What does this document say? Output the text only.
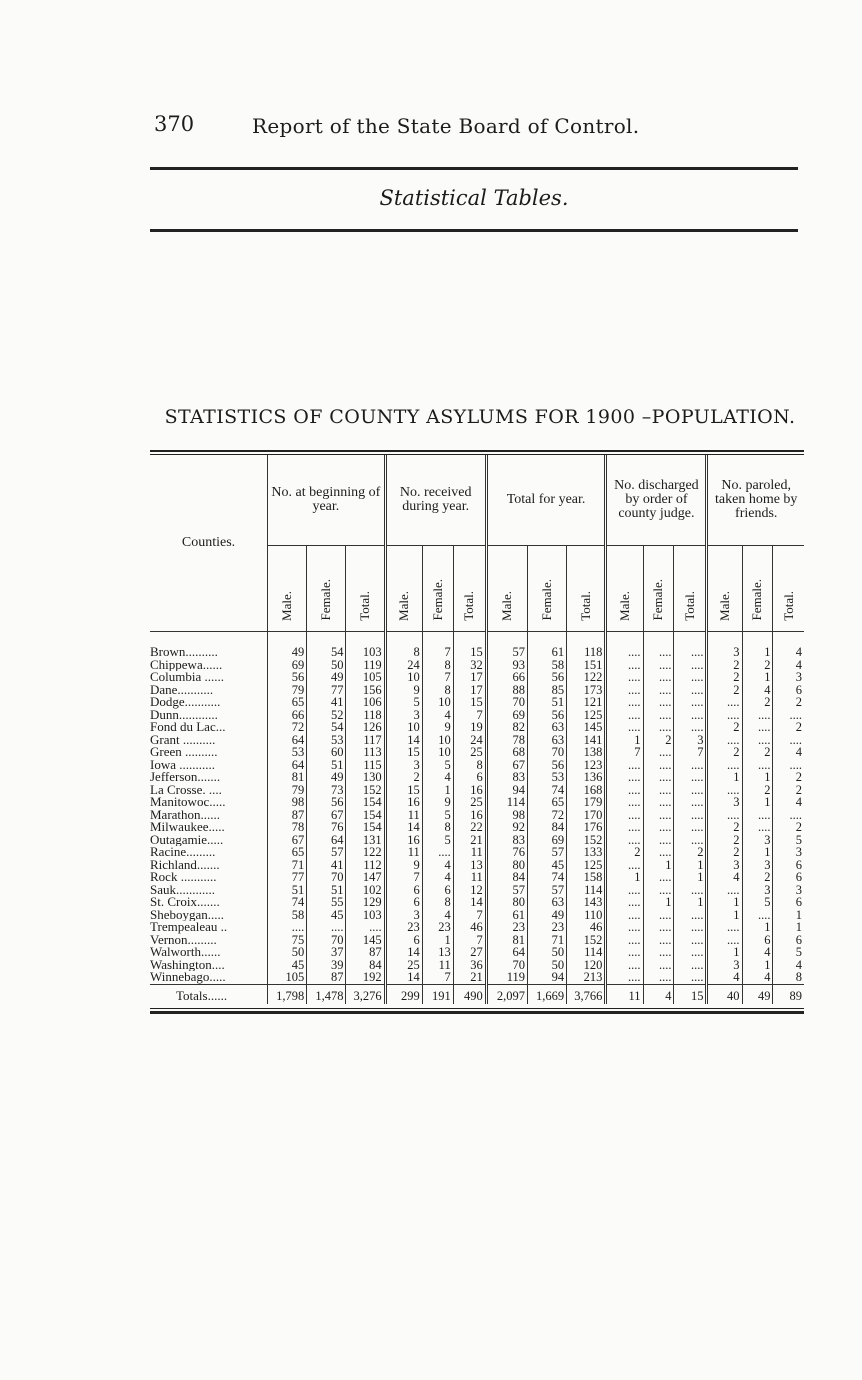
370	Report of the State Board of Control.
Statistical Tables.
STATISTICS OF COUNTY ASYLUMS FOR 1900 –POPULATION.
Counties.	No. at beginning of year.			No. received during year.			Total for year.			No. discharged by order of county judge.			No. paroled, taken home by friends.		
	Male.	Female.	Total.	Male.	Female.	Total.	Male.	Female.	Total.	Male.	Female.	Total.	Male.	Female.	Total.

Brown..........	49	54	103	8	7	15	57	61	118	....	....	....	3	1	4
Chippewa......	69	50	119	24	8	32	93	58	151	....	....	....	2	2	4
Columbia ......	56	49	105	10	7	17	66	56	122	....	....	....	2	1	3
Dane...........	79	77	156	9	8	17	88	85	173	....	....	....	2	4	6
Dodge...........	65	41	106	5	10	15	70	51	121	....	....	....	....	2	2
Dunn............	66	52	118	3	4	7	69	56	125	....	....	....	....	....	....
Fond du Lac...	72	54	126	10	9	19	82	63	145	....	....	....	2	....	2
Grant ..........	64	53	117	14	10	24	78	63	141	1	2	3	....	....	....
Green ..........	53	60	113	15	10	25	68	70	138	7	....	7	2	2	4
Iowa ...........	64	51	115	3	5	8	67	56	123	....	....	....	....	....	....
Jefferson.......	81	49	130	2	4	6	83	53	136	....	....	....	1	1	2
La Crosse. ....	79	73	152	15	1	16	94	74	168	....	....	....	....	2	2
Manitowoc.....	98	56	154	16	9	25	114	65	179	....	....	....	3	1	4
Marathon......	87	67	154	11	5	16	98	72	170	....	....	....	....	....	....
Milwaukee.....	78	76	154	14	8	22	92	84	176	....	....	....	2	....	2
Outagamie.....	67	64	131	16	5	21	83	69	152	....	....	....	2	3	5
Racine.........	65	57	122	11	....	11	76	57	133	2	....	2	2	1	3
Richland.......	71	41	112	9	4	13	80	45	125	....	1	1	3	3	6
Rock ...........	77	70	147	7	4	11	84	74	158	1	....	1	4	2	6
Sauk............	51	51	102	6	6	12	57	57	114	....	....	....	....	3	3
St. Croix.......	74	55	129	6	8	14	80	63	143	....	1	1	1	5	6
Sheboygan.....	58	45	103	3	4	7	61	49	110	....	....	....	1	....	1
Trempealeau ..	....	....	....	23	23	46	23	23	46	....	....	....	....	1	1
Vernon.........	75	70	145	6	1	7	81	71	152	....	....	....	....	6	6
Walworth......	50	37	87	14	13	27	64	50	114	....	....	....	1	4	5
Washington....	45	39	84	25	11	36	70	50	120	....	....	....	3	1	4
Winnebago.....	105	87	192	14	7	21	119	94	213	....	....	....	4	4	8
Totals......	1,798	1,478	3,276	299	191	490	2,097	1,669	3,766	11	4	15	40	49	89
